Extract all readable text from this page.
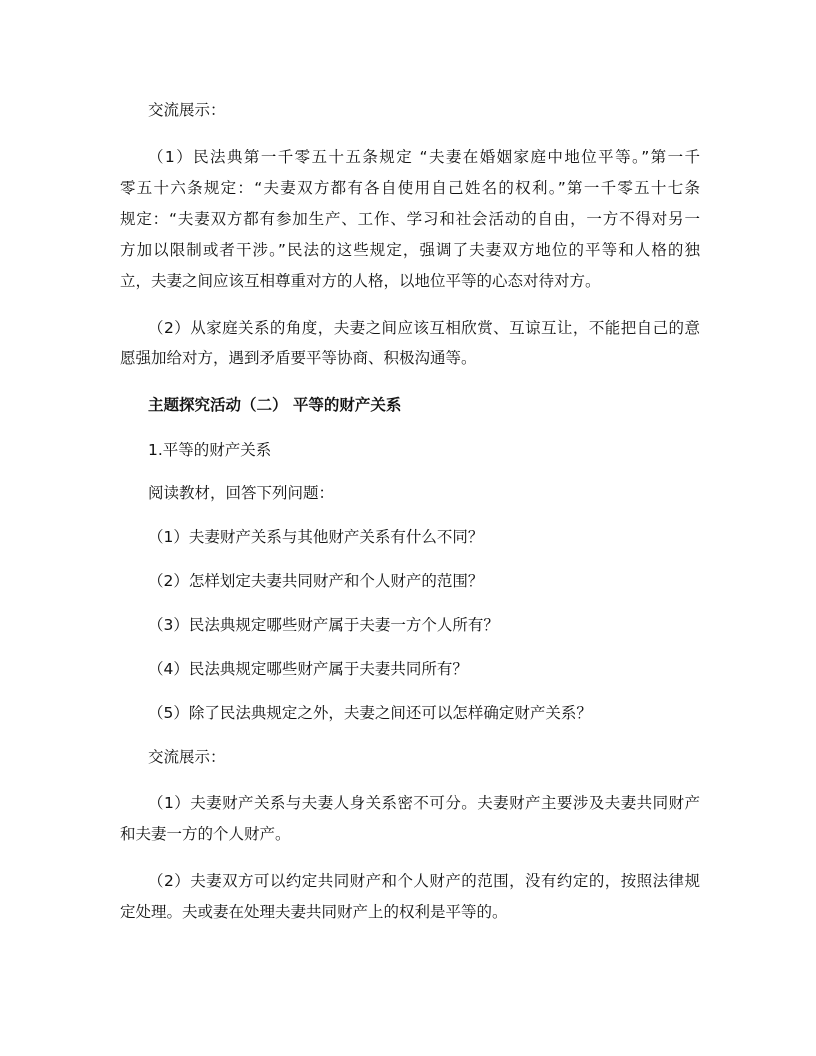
交流展示：
（1）民法典第一千零五十五条规定 “夫妻在婚姻家庭中地位平等。”第一千
零五十六条规定：“夫妻双方都有各自使用自己姓名的权利。”第一千零五十七条
规定：“夫妻双方都有参加生产、工作、学习和社会活动的自由，一方不得对另一
方加以限制或者干涉。”民法的这些规定，强调了夫妻双方地位的平等和人格的独
立，夫妻之间应该互相尊重对方的人格，以地位平等的心态对待对方。
（2）从家庭关系的角度，夫妻之间应该互相欣赏、互谅互让，不能把自己的意
愿强加给对方，遇到矛盾要平等协商、积极沟通等。
主题探究活动（二） 平等的财产关系
1.平等的财产关系
阅读教材，回答下列问题：
（1）夫妻财产关系与其他财产关系有什么不同？
（2）怎样划定夫妻共同财产和个人财产的范围？
（3）民法典规定哪些财产属于夫妻一方个人所有？
（4）民法典规定哪些财产属于夫妻共同所有？
（5）除了民法典规定之外，夫妻之间还可以怎样确定财产关系？
交流展示：
（1）夫妻财产关系与夫妻人身关系密不可分。夫妻财产主要涉及夫妻共同财产
和夫妻一方的个人财产。
（2）夫妻双方可以约定共同财产和个人财产的范围，没有约定的，按照法律规
定处理。夫或妻在处理夫妻共同财产上的权利是平等的。
